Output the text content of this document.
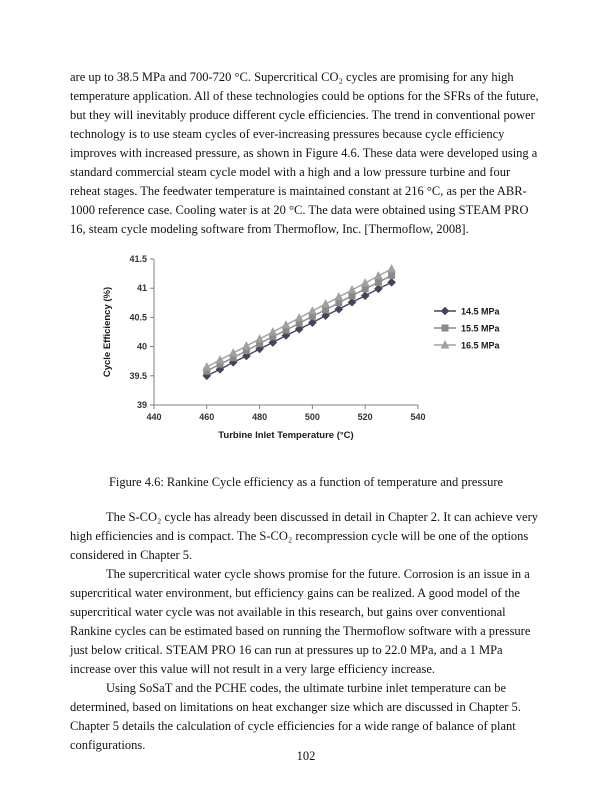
are up to 38.5 MPa and 700-720 °C. Supercritical CO₂ cycles are promising for any high temperature application. All of these technologies could be options for the SFRs of the future, but they will inevitably produce different cycle efficiencies. The trend in conventional power technology is to use steam cycles of ever-increasing pressures because cycle efficiency improves with increased pressure, as shown in Figure 4.6. These data were developed using a standard commercial steam cycle model with a high and a low pressure turbine and four reheat stages. The feedwater temperature is maintained constant at 216 °C, as per the ABR-1000 reference case. Cooling water is at 20 °C. The data were obtained using STEAM PRO 16, steam cycle modeling software from Thermoflow, Inc. [Thermoflow, 2008].

39
39.5
40
40.5
41
41.5
440	460	480	500	520	540
Cycle Efficiency (%)
Turbine Inlet Temperature (°C)
14.5 MPa
15.5 MPa
16.5 MPa

Figure 4.6: Rankine Cycle efficiency as a function of temperature and pressure

The S-CO₂ cycle has already been discussed in detail in Chapter 2. It can achieve very high efficiencies and is compact. The S-CO₂ recompression cycle will be one of the options considered in Chapter 5.

The supercritical water cycle shows promise for the future. Corrosion is an issue in a supercritical water environment, but efficiency gains can be realized. A good model of the supercritical water cycle was not available in this research, but gains over conventional Rankine cycles can be estimated based on running the Thermoflow software with a pressure just below critical. STEAM PRO 16 can run at pressures up to 22.0 MPa, and a 1 MPa increase over this value will not result in a very large efficiency increase.

Using SoSaT and the PCHE codes, the ultimate turbine inlet temperature can be determined, based on limitations on heat exchanger size which are discussed in Chapter 5. Chapter 5 details the calculation of cycle efficiencies for a wide range of balance of plant configurations.

102
